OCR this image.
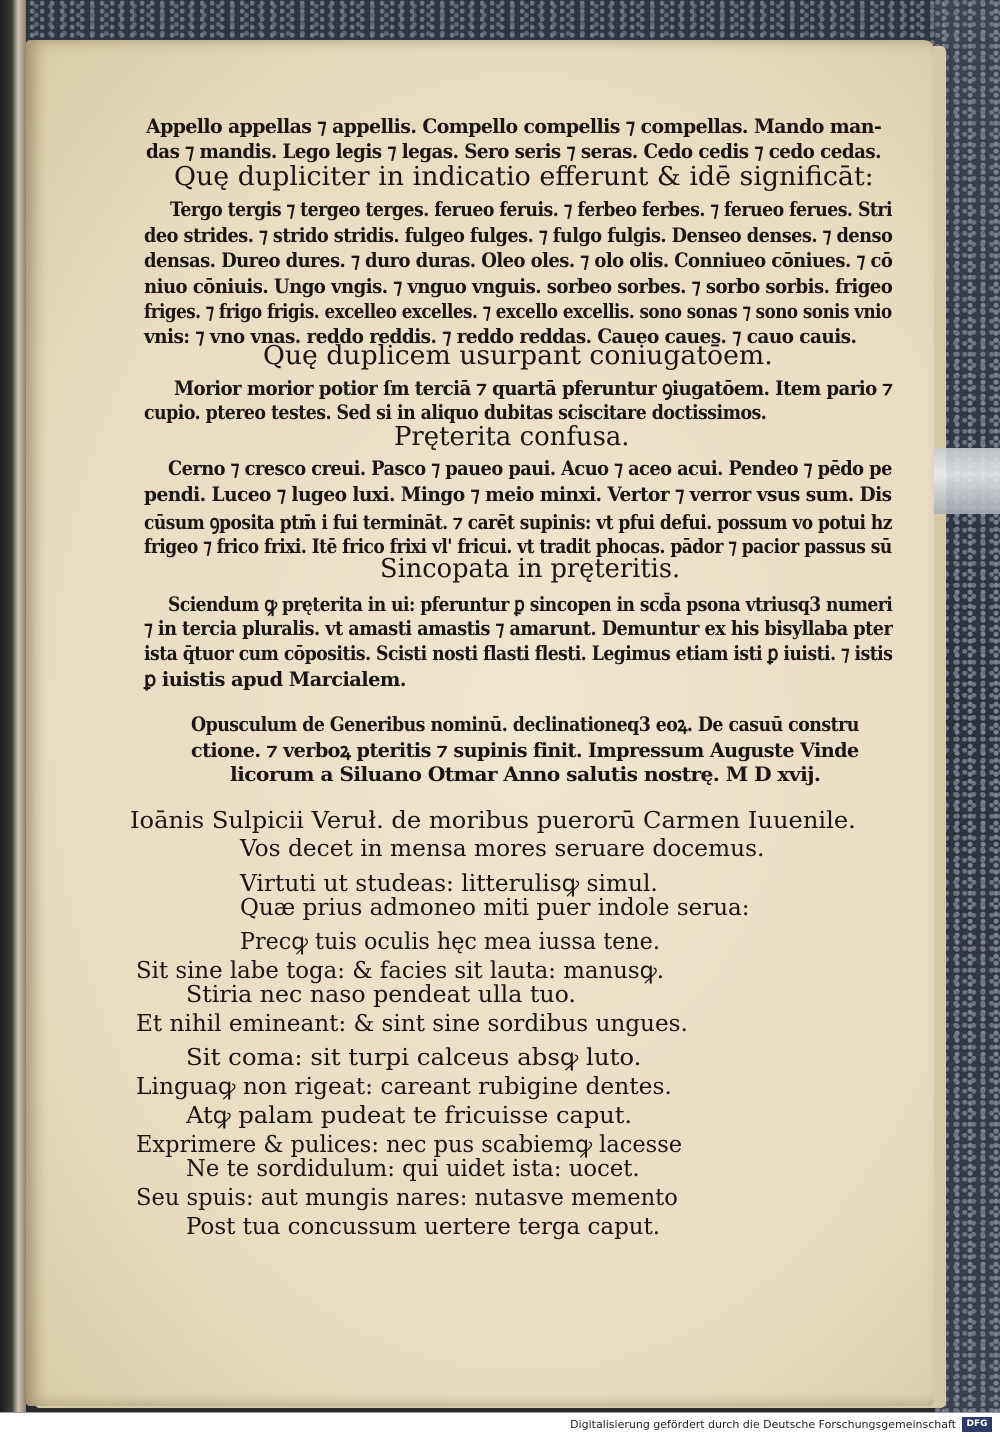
Appello appellas ⁊ appellis. Compello compellis ⁊ compellas. Mando man-
das ⁊ mandis. Lego legis ⁊ legas. Sero seris ⁊ seras. Cedo cedis ⁊ cedo cedas.
Quę dupliciter in indicatio efferunt & idē significāt:
Tergo tergis ⁊ tergeo terges. ferueo feruis. ⁊ ferbeo ferbes. ⁊ ferueo ferues. Stri
deo strides. ⁊ strido stridis. fulgeo fulges. ⁊ fulgo fulgis. Denseo denses. ⁊ denso
densas. Dureo dures. ⁊ duro duras. Oleo oles. ⁊ olo olis. Conniueo cōniues. ⁊ cō
niuo cōniuis. Ungo vngis. ⁊ vnguo vnguis. sorbeo sorbes. ⁊ sorbo sorbis. frigeo
friges. ⁊ frigo frigis. excelleo excelles. ⁊ excello excellis. sono sonas ⁊ sono sonis vnio
vnis: ⁊ vno vnas. reddo reddis. ⁊ reddo reddas. Caueo caues. ⁊ cauo cauis.
Quę duplicem usurpant coniugatōem.
Morior morior potior ſm terciā ⁊ quartā pferuntur ꝯiugatōem. Item pario ⁊
cupio. ptereo testes. Sed si in aliquo dubitas sciscitare doctissimos.
Pręterita confusa.
Cerno ⁊ cresco creui. Pasco ⁊ paueo paui. Acuo ⁊ aceo acui. Pendeo ⁊ pēdo pe
pendi. Luceo ⁊ lugeo luxi. Mingo ⁊ meio minxi. Vertor ⁊ verror vsus sum. Dis
cūsum ꝯposita ptm̄ i fui termināt. ⁊ carēt supinis: vt pfui defui. possum vo potui hz
frigeo ⁊ frico frixi. Itē frico frixi vl' fricui. vt tradit phocas. pādor ⁊ pacior passus sū
Sincopata in pręteritis.
Sciendum ꝙ pręterita in ui: pferuntur ꝑ sincopen in scd̄a psona vtriusq3 numeri
⁊ in tercia pluralis. vt amasti amastis ⁊ amarunt. Demuntur ex his bisyllaba pter
ista q̄tuor cum cōpositis. Scisti nosti flasti flesti. Legimus etiam isti ꝑ iuisti. ⁊ istis
ꝑ iuistis apud Marcialem.
Opusculum de Generibus nominū. declinationeq3 eoꝝ. De casuū constru
ctione. ⁊ verboꝝ pteritis ⁊ supinis finit. Impressum Auguste Vinde
licorum a Siluano Otmar Anno salutis nostrę. M D xvij.
Ioānis Sulpicii Veruł. de moribus puerorū Carmen Iuuenile.
Vos decet in mensa mores seruare docemus.
Virtuti ut studeas: litterulisꝙ simul.
Quæ prius admoneo miti puer indole serua:
Precꝙ tuis oculis hęc mea iussa tene.
Sit sine labe toga: & facies sit lauta: manusꝙ.
Stiria nec naso pendeat ulla tuo.
Et nihil emineant: & sint sine sordibus ungues.
Sit coma: sit turpi calceus absꝙ luto.
Linguaꝙ non rigeat: careant rubigine dentes.
Atꝙ palam pudeat te fricuisse caput.
Exprimere & pulices: nec pus scabiemꝙ lacesse
Ne te sordidulum: qui uidet ista: uocet.
Seu spuis: aut mungis nares: nutasve memento
Post tua concussum uertere terga caput.
Digitalisierung gefördert durch die Deutsche Forschungsgemeinschaft	DFG
